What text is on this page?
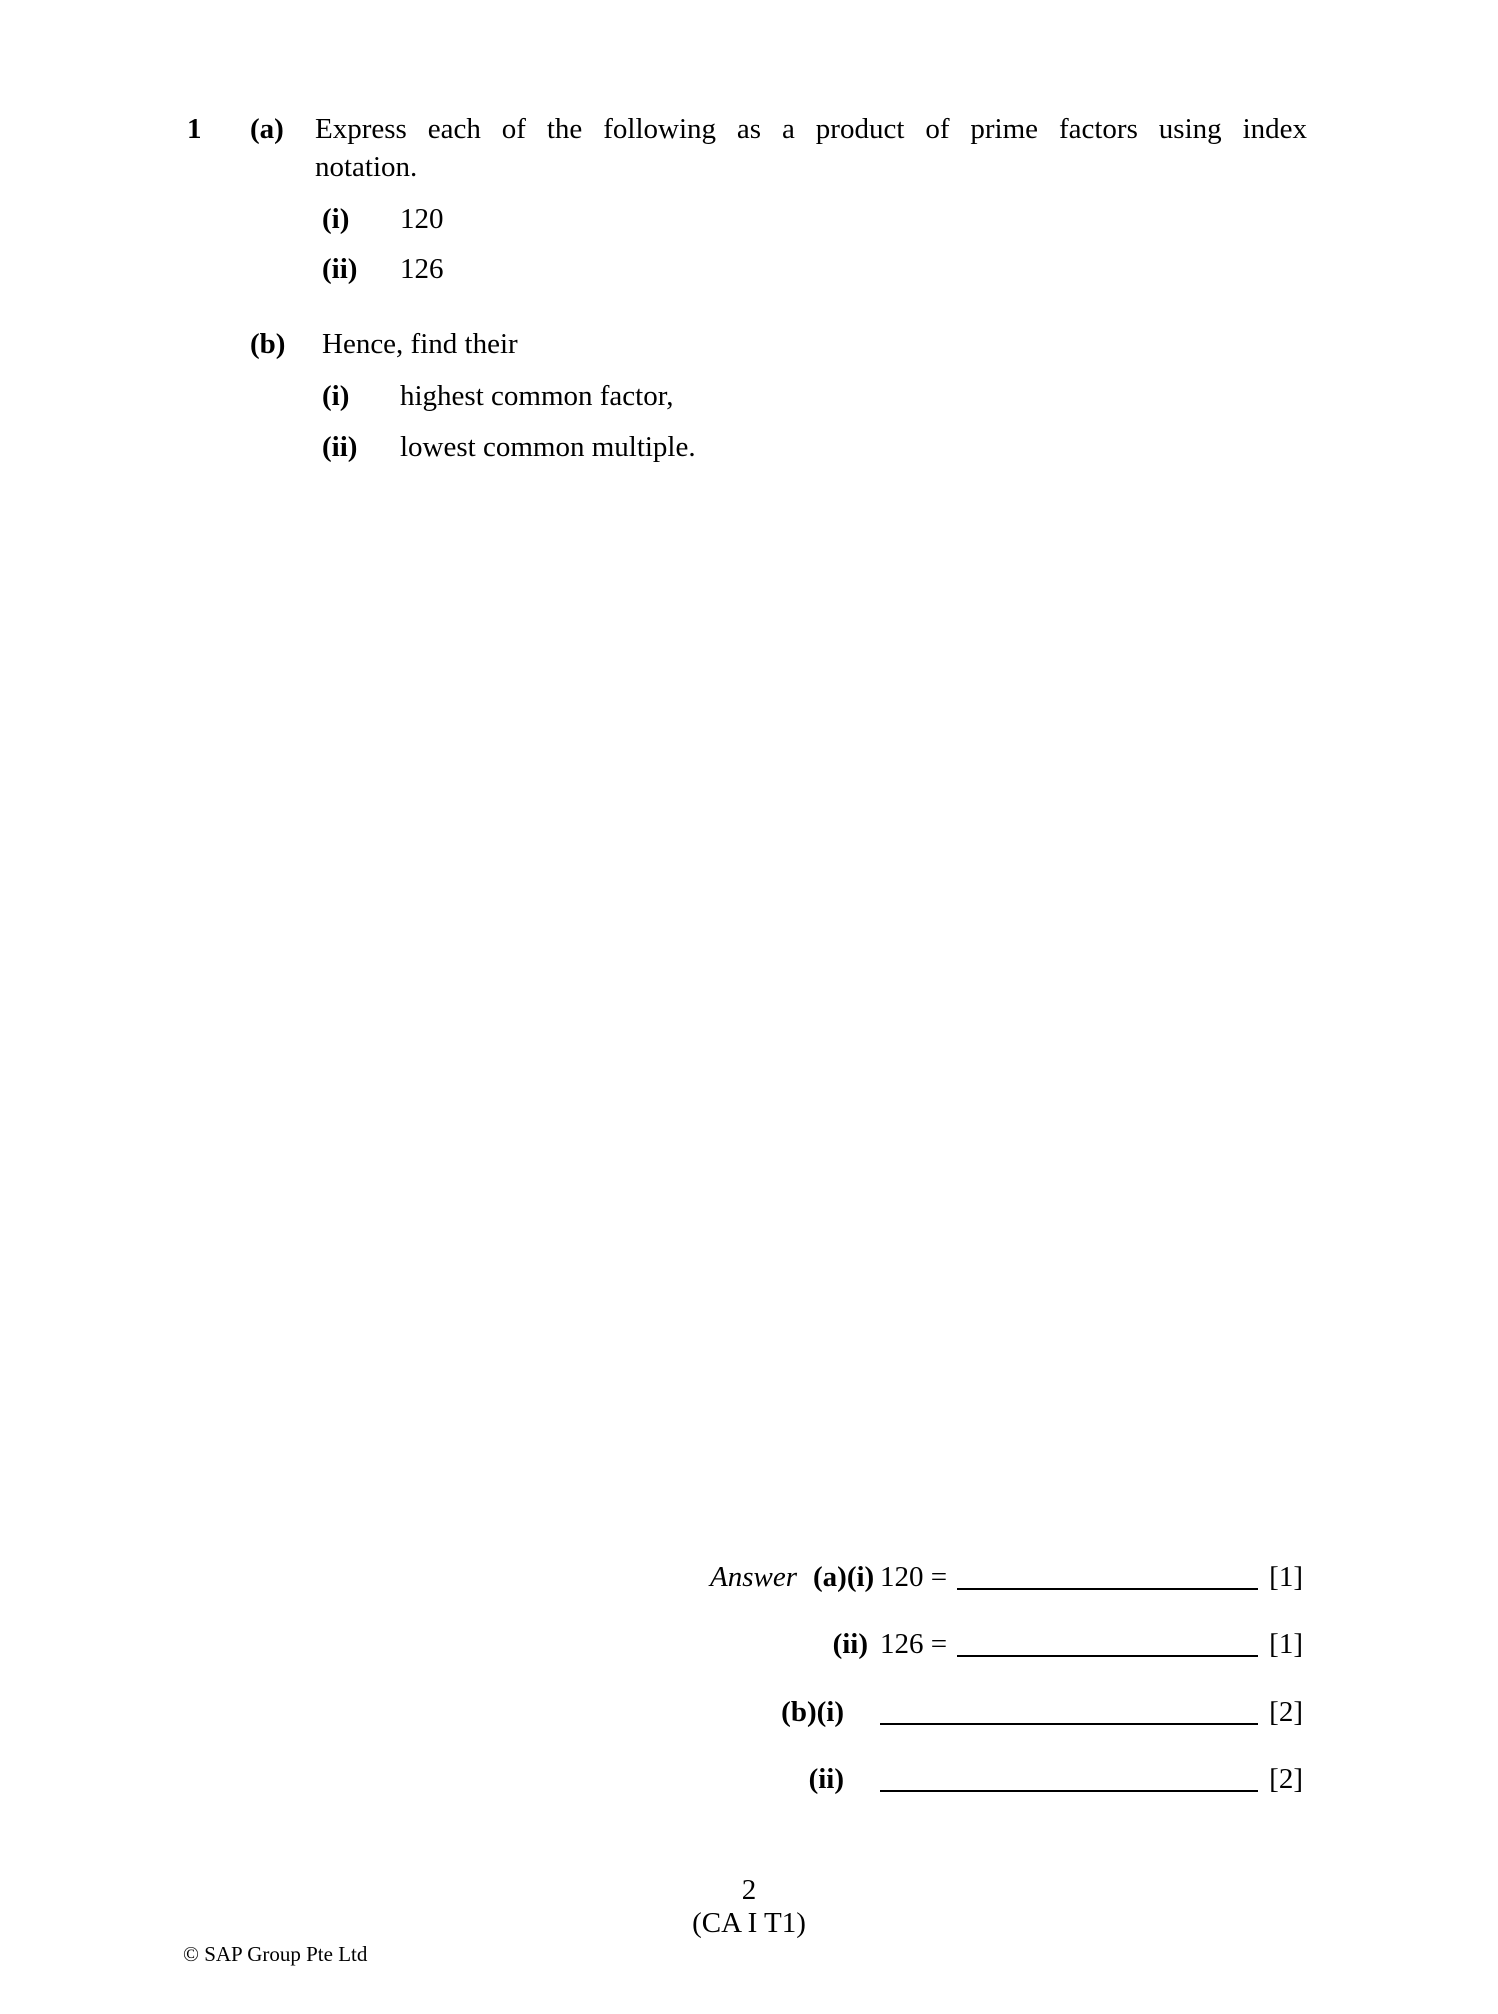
1 (a) Express each of the following as a product of prime factors using index
notation.
(i) 120
(ii) 126
(b) Hence, find their
(i) highest common factor,
(ii) lowest common multiple.
Answer (a)(i) 120 =	[1]
(ii) 126 =	[1]
(b)(i)	[2]
(ii)	[2]
2
(CA I T1)
© SAP Group Pte Ltd
